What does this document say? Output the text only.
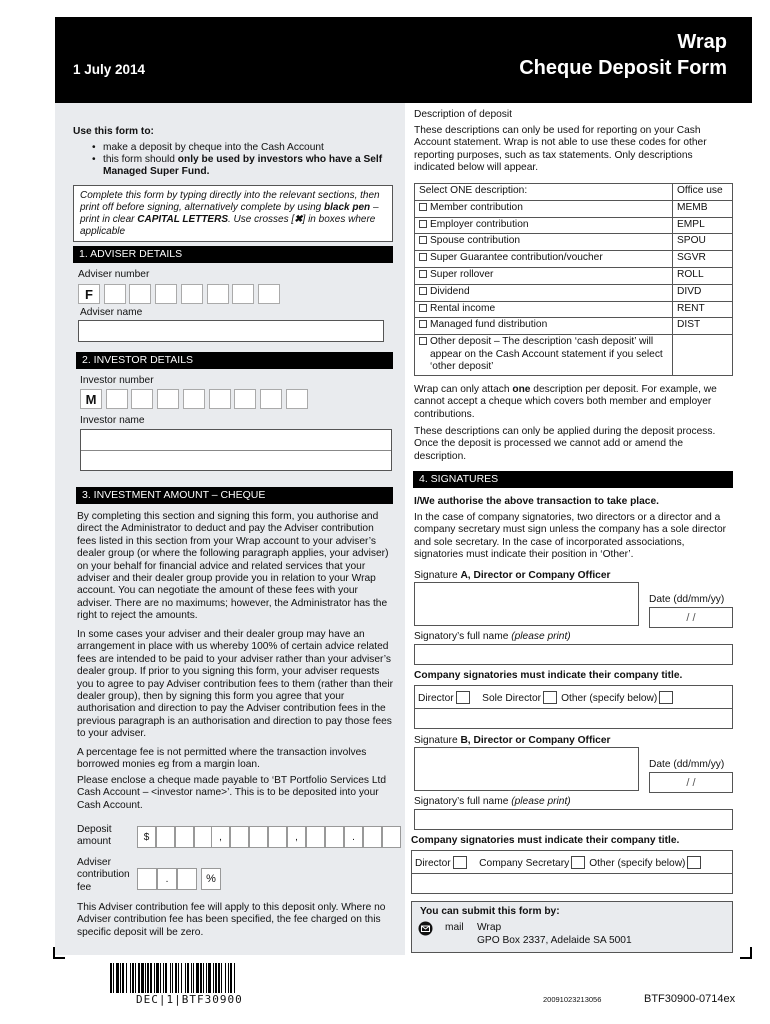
1 July 2014
Wrap
Cheque Deposit Form
Use this form to:
• make a deposit by cheque into the Cash Account
• this form should only be used by investors who have a Self Managed Super Fund.
Complete this form by typing directly into the relevant sections, then print off before signing, alternatively complete by using black pen – print in clear CAPITAL LETTERS. Use crosses [✖] in boxes where applicable
1. ADVISER DETAILS
Adviser number
F
Adviser name
2. INVESTOR DETAILS
Investor number
M
Investor name
3. INVESTMENT AMOUNT – CHEQUE
By completing this section and signing this form, you authorise and direct the Administrator to deduct and pay the Adviser contribution fees listed in this section from your Wrap account to your adviser’s dealer group (or where the following paragraph applies, your adviser) on your behalf for financial advice and related services that your adviser and their dealer group provide you in relation to your Wrap account. You can negotiate the amount of these fees with your adviser. There are no maximums; however, the Administrator has the right to reject the amounts.
In some cases your adviser and their dealer group may have an arrangement in place with us whereby 100% of certain advice related fees are intended to be paid to your adviser rather than your adviser’s dealer group. If prior to you signing this form, your adviser requests you to agree to pay Adviser contribution fees to them (rather than their dealer group), then by signing this form you agree that your authorisation and direction to pay the Adviser contribution fees in the previous paragraph is an authorisation and direction to pay those fees to your adviser.
A percentage fee is not permitted where the transaction involves borrowed monies eg from a margin loan.
Please enclose a cheque made payable to ‘BT Portfolio Services Ltd Cash Account – <investor name>’. This is to be deposited into your Cash Account.
Deposit
amount	$	,	,	.
Adviser
contribution
fee
.	%
This Adviser contribution fee will apply to this deposit only. Where no Adviser contribution fee has been specified, the fee charged on this specific deposit will be zero.
Description of deposit
These descriptions can only be used for reporting on your Cash Account statement. Wrap is not able to use these codes for other reporting purposes, such as tax statements. Only descriptions indicated below will appear.
Select ONE description:	Office use
Member contribution	MEMB
Employer contribution	EMPL
Spouse contribution	SPOU
Super Guarantee contribution/voucher	SGVR
Super rollover	ROLL
Dividend	DIVD
Rental income	RENT
Managed fund distribution	DIST
Other deposit – The description ‘cash deposit’ will appear on the Cash Account statement if you select ‘other deposit’	
Wrap can only attach one description per deposit. For example, we cannot accept a cheque which covers both member and employer contributions.
These descriptions can only be applied during the deposit process. Once the deposit is processed we cannot add or amend the description.
4. SIGNATURES
I/We authorise the above transaction to take place.
In the case of company signatories, two directors or a director and a company secretary must sign unless the company has a sole director and sole secretary. In the case of incorporated associations, signatories must indicate their position in ‘Other’.
Signature A, Director or Company Officer
Date (dd/mm/yy)
/ /
Signatory’s full name (please print)
Company signatories must indicate their company title.
Director	Sole Director Other (specify below)
Signature B, Director or Company Officer
Date (dd/mm/yy)
/ /
Signatory’s full name (please print)
Company signatories must indicate their company title.
Director	Company Secretary Other (specify below)
You can submit this form by:
mail Wrap
GPO Box 2337, Adelaide SA 5001
DEC|1|BTF30900	20091023213056	BTF30900-0714ex
